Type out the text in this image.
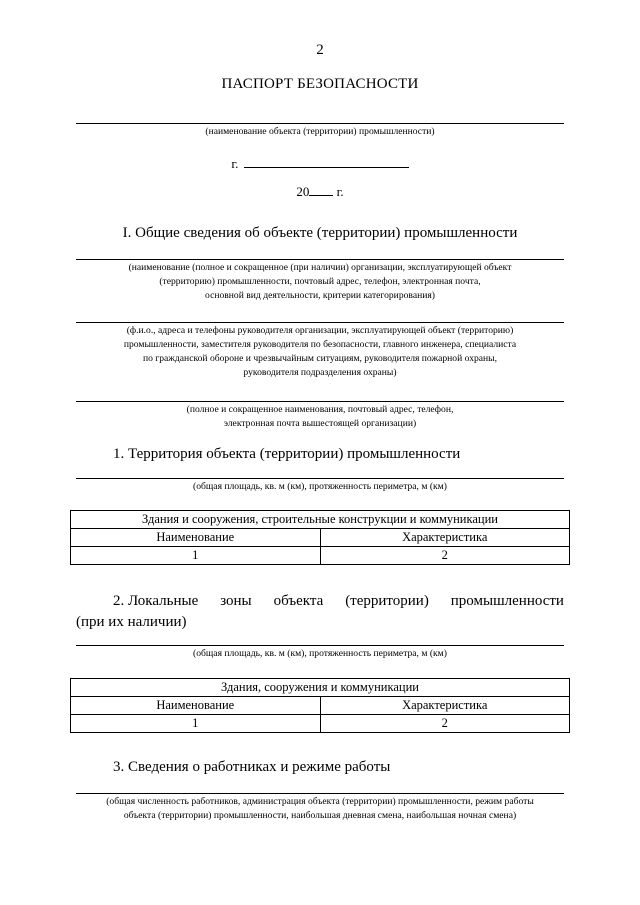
2
ПАСПОРТ БЕЗОПАСНОСТИ
(наименование объекта (территории) промышленности)
г.
20 г.
I. Общие сведения об объекте (территории) промышленности
(наименование (полное и сокращенное (при наличии) организации, эксплуатирующей объект
(территорию) промышленности, почтовый адрес, телефон, электронная почта,
основной вид деятельности, критерии категорирования)
(ф.и.о., адреса и телефоны руководителя организации, эксплуатирующей объект (территорию)
промышленности, заместителя руководителя по безопасности, главного инженера, специалиста
по гражданской обороне и чрезвычайным ситуациям, руководителя пожарной охраны,
руководителя подразделения охраны)
(полное и сокращенное наименования, почтовый адрес, телефон,
электронная почта вышестоящей организации)
1. Территория объекта (территории) промышленности
(общая площадь, кв. м (км), протяженность периметра, м (км)
Здания и сооружения, строительные конструкции и коммуникации	
Наименование	Характеристика
1	2
2. Локальные зоны объекта (территории) промышленности
(при их наличии)
(общая площадь, кв. м (км), протяженность периметра, м (км)
Здания, сооружения и коммуникации	
Наименование	Характеристика
1	2
3. Сведения о работниках и режиме работы
(общая численность работников, администрация объекта (территории) промышленности, режим работы
объекта (территории) промышленности, наибольшая дневная смена, наибольшая ночная смена)
